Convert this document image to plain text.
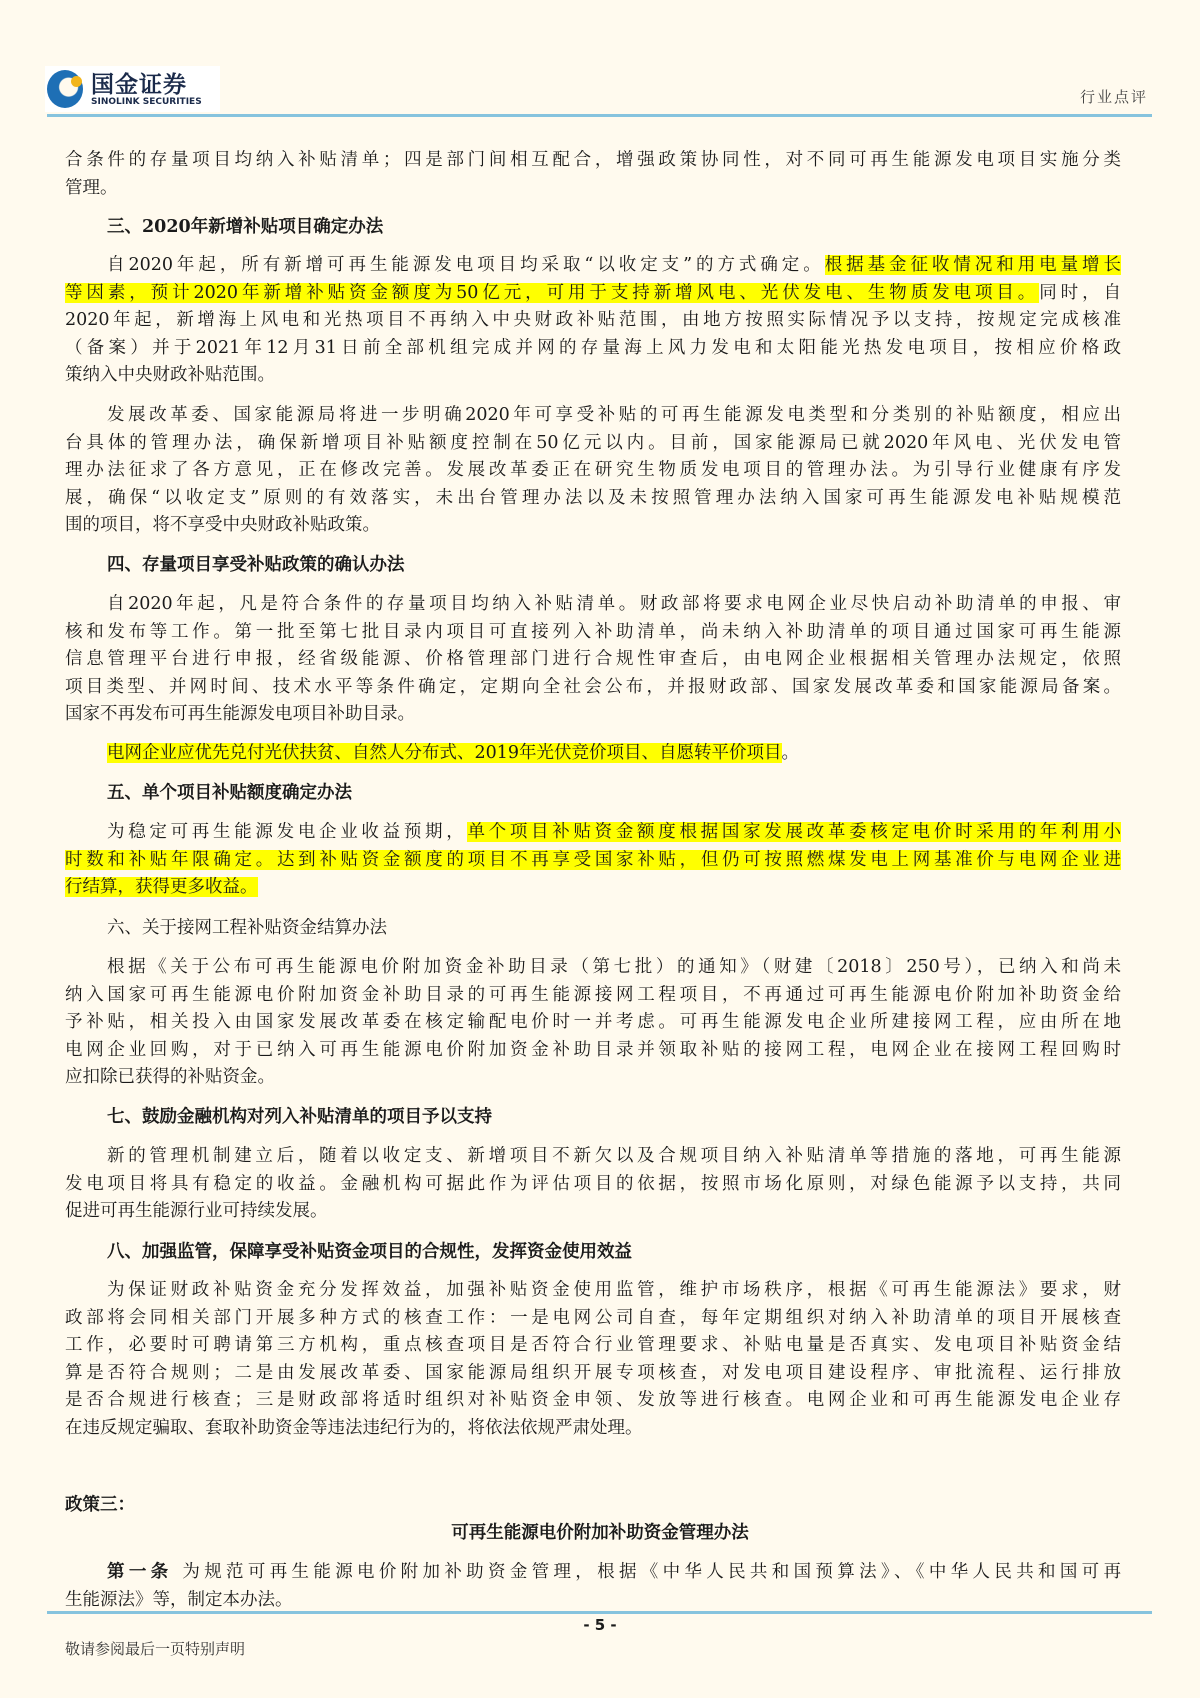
国金证券
SINOLINK SECURITIES	行业点评
合条件的存量项目均纳入补贴清单；四是部门间相互配合，增强政策协同性，对不同可再生能源发电项目实施分类
管理。
三、2020年新增补贴项目确定办法
自2020年起，所有新增可再生能源发电项目均采取“以收定支”的方式确定。根据基金征收情况和用电量增长
等因素，预计2020年新增补贴资金额度为50亿元，可用于支持新增风电、光伏发电、生物质发电项目。同时，自
2020年起，新增海上风电和光热项目不再纳入中央财政补贴范围，由地方按照实际情况予以支持，按规定完成核准
（备案）并于2021年12月31日前全部机组完成并网的存量海上风力发电和太阳能光热发电项目，按相应价格政
策纳入中央财政补贴范围。
发展改革委、国家能源局将进一步明确2020年可享受补贴的可再生能源发电类型和分类别的补贴额度，相应出
台具体的管理办法，确保新增项目补贴额度控制在50亿元以内。目前，国家能源局已就2020年风电、光伏发电管
理办法征求了各方意见，正在修改完善。发展改革委正在研究生物质发电项目的管理办法。为引导行业健康有序发
展，确保“以收定支”原则的有效落实，未出台管理办法以及未按照管理办法纳入国家可再生能源发电补贴规模范
围的项目，将不享受中央财政补贴政策。
四、存量项目享受补贴政策的确认办法
自2020年起，凡是符合条件的存量项目均纳入补贴清单。财政部将要求电网企业尽快启动补助清单的申报、审
核和发布等工作。第一批至第七批目录内项目可直接列入补助清单，尚未纳入补助清单的项目通过国家可再生能源
信息管理平台进行申报，经省级能源、价格管理部门进行合规性审查后，由电网企业根据相关管理办法规定，依照
项目类型、并网时间、技术水平等条件确定，定期向全社会公布，并报财政部、国家发展改革委和国家能源局备案。
国家不再发布可再生能源发电项目补助目录。
电网企业应优先兑付光伏扶贫、自然人分布式、2019年光伏竞价项目、自愿转平价项目。
五、单个项目补贴额度确定办法
为稳定可再生能源发电企业收益预期，单个项目补贴资金额度根据国家发展改革委核定电价时采用的年利用小
时数和补贴年限确定。达到补贴资金额度的项目不再享受国家补贴，但仍可按照燃煤发电上网基准价与电网企业进
行结算，获得更多收益。
六、关于接网工程补贴资金结算办法
根据《关于公布可再生能源电价附加资金补助目录（第七批）的通知》（财建〔2018〕250号），已纳入和尚未
纳入国家可再生能源电价附加资金补助目录的可再生能源接网工程项目，不再通过可再生能源电价附加补助资金给
予补贴，相关投入由国家发展改革委在核定输配电价时一并考虑。可再生能源发电企业所建接网工程，应由所在地
电网企业回购，对于已纳入可再生能源电价附加资金补助目录并领取补贴的接网工程，电网企业在接网工程回购时
应扣除已获得的补贴资金。
七、鼓励金融机构对列入补贴清单的项目予以支持
新的管理机制建立后，随着以收定支、新增项目不新欠以及合规项目纳入补贴清单等措施的落地，可再生能源
发电项目将具有稳定的收益。金融机构可据此作为评估项目的依据，按照市场化原则，对绿色能源予以支持，共同
促进可再生能源行业可持续发展。
八、加强监管，保障享受补贴资金项目的合规性，发挥资金使用效益
为保证财政补贴资金充分发挥效益，加强补贴资金使用监管，维护市场秩序，根据《可再生能源法》要求，财
政部将会同相关部门开展多种方式的核查工作：一是电网公司自查，每年定期组织对纳入补助清单的项目开展核查
工作，必要时可聘请第三方机构，重点核查项目是否符合行业管理要求、补贴电量是否真实、发电项目补贴资金结
算是否符合规则；二是由发展改革委、国家能源局组织开展专项核查，对发电项目建设程序、审批流程、运行排放
是否合规进行核查；三是财政部将适时组织对补贴资金申领、发放等进行核查。电网企业和可再生能源发电企业存
在违反规定骗取、套取补助资金等违法违纪行为的，将依法依规严肃处理。
政策三：
可再生能源电价附加补助资金管理办法
第一条 为规范可再生能源电价附加补助资金管理，根据《中华人民共和国预算法》、《中华人民共和国可再
生能源法》等，制定本办法。
- 5 -
敬请参阅最后一页特别声明
